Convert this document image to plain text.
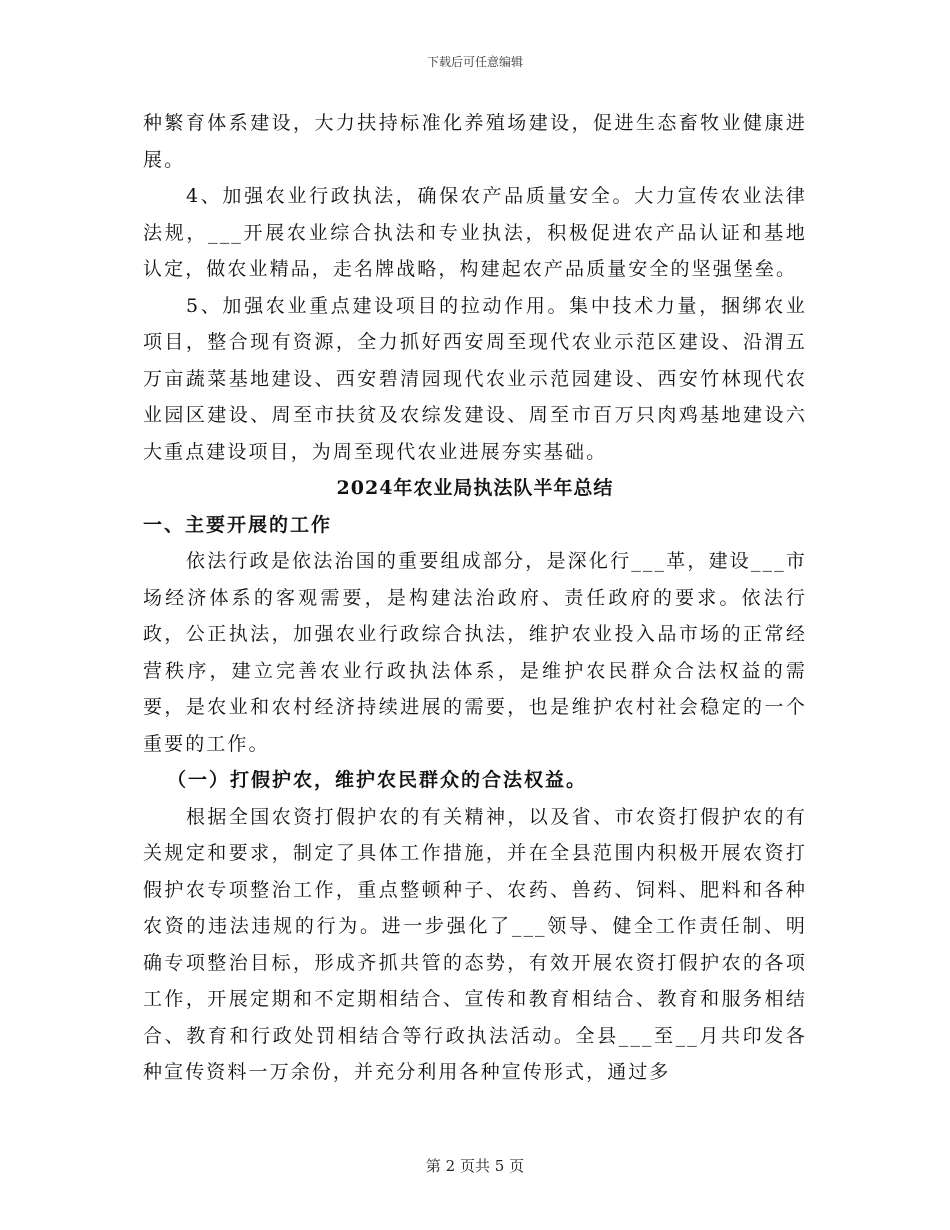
下载后可任意编辑

种繁育体系建设，大力扶持标准化养殖场建设，促进生态畜牧业健康进展。

4、加强农业行政执法，确保农产品质量安全。大力宣传农业法律法规，___开展农业综合执法和专业执法，积极促进农产品认证和基地认定，做农业精品，走名牌战略，构建起农产品质量安全的坚强堡垒。

5、加强农业重点建设项目的拉动作用。集中技术力量，捆绑农业项目，整合现有资源，全力抓好西安周至现代农业示范区建设、沿渭五万亩蔬菜基地建设、西安碧清园现代农业示范园建设、西安竹林现代农业园区建设、周至市扶贫及农综发建设、周至市百万只肉鸡基地建设六大重点建设项目，为周至现代农业进展夯实基础。

2024年农业局执法队半年总结

一、主要开展的工作

依法行政是依法治国的重要组成部分，是深化行___革，建设___市场经济体系的客观需要，是构建法治政府、责任政府的要求。依法行政，公正执法，加强农业行政综合执法，维护农业投入品市场的正常经营秩序，建立完善农业行政执法体系，是维护农民群众合法权益的需要，是农业和农村经济持续进展的需要，也是维护农村社会稳定的一个重要的工作。

（一）打假护农，维护农民群众的合法权益。

根据全国农资打假护农的有关精神，以及省、市农资打假护农的有关规定和要求，制定了具体工作措施，并在全县范围内积极开展农资打假护农专项整治工作，重点整顿种子、农药、兽药、饲料、肥料和各种农资的违法违规的行为。进一步强化了___领导、健全工作责任制、明确专项整治目标，形成齐抓共管的态势，有效开展农资打假护农的各项工作，开展定期和不定期相结合、宣传和教育相结合、教育和服务相结合、教育和行政处罚相结合等行政执法活动。全县___至__月共印发各种宣传资料一万余份，并充分利用各种宣传形式，通过多

第 2 页共 5 页
